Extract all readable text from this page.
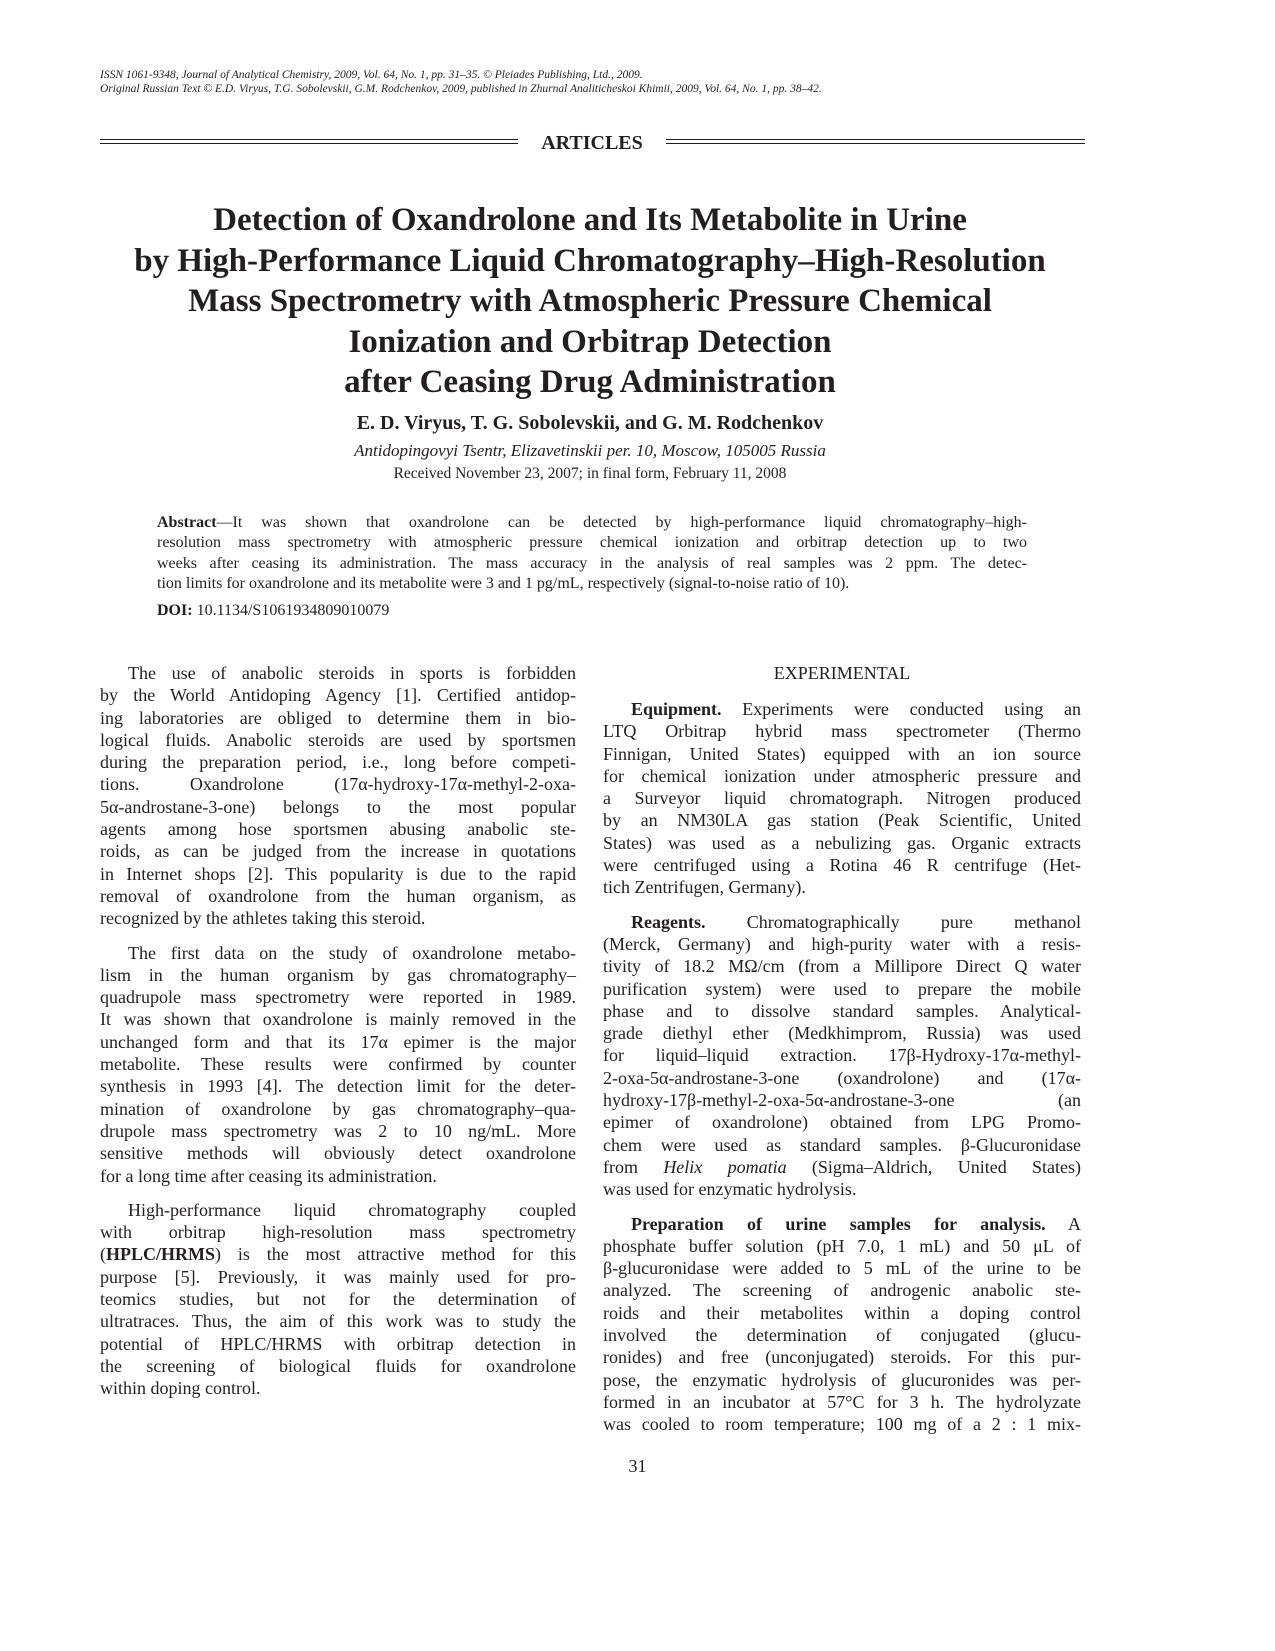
ISSN 1061-9348, Journal of Analytical Chemistry, 2009, Vol. 64, No. 1, pp. 31–35. © Pleiades Publishing, Ltd., 2009.
Original Russian Text © E.D. Viryus, T.G. Sobolevskii, G.M. Rodchenkov, 2009, published in Zhurnal Analiticheskoi Khimii, 2009, Vol. 64, No. 1, pp. 38–42.
ARTICLES
Detection of Oxandrolone and Its Metabolite in Urine
by High-Performance Liquid Chromatography–High-Resolution
Mass Spectrometry with Atmospheric Pressure Chemical
Ionization and Orbitrap Detection
after Ceasing Drug Administration
E. D. Viryus, T. G. Sobolevskii, and G. M. Rodchenkov
Antidopingovyi Tsentr, Elizavetinskii per. 10, Moscow, 105005 Russia
Received November 23, 2007; in final form, February 11, 2008
Abstract—It was shown that oxandrolone can be detected by high-performance liquid chromatography–high-
resolution mass spectrometry with atmospheric pressure chemical ionization and orbitrap detection up to two
weeks after ceasing its administration. The mass accuracy in the analysis of real samples was 2 ppm. The detec-
tion limits for oxandrolone and its metabolite were 3 and 1 pg/mL, respectively (signal-to-noise ratio of 10).
DOI: 10.1134/S1061934809010079

The use of anabolic steroids in sports is forbidden
by the World Antidoping Agency [1]. Certified antidop-
ing laboratories are obliged to determine them in bio-
logical fluids. Anabolic steroids are used by sportsmen
during the preparation period, i.e., long before competi-
tions. Oxandrolone (17α-hydroxy-17α-methyl-2-oxa-
5α-androstane-3-one) belongs to the most popular
agents among hose sportsmen abusing anabolic ste-
roids, as can be judged from the increase in quotations
in Internet shops [2]. This popularity is due to the rapid
removal of oxandrolone from the human organism, as
recognized by the athletes taking this steroid.

The first data on the study of oxandrolone metabo-
lism in the human organism by gas chromatography–
quadrupole mass spectrometry were reported in 1989.
It was shown that oxandrolone is mainly removed in the
unchanged form and that its 17α epimer is the major
metabolite. These results were confirmed by counter
synthesis in 1993 [4]. The detection limit for the deter-
mination of oxandrolone by gas chromatography–qua-
drupole mass spectrometry was 2 to 10 ng/mL. More
sensitive methods will obviously detect oxandrolone
for a long time after ceasing its administration.

High-performance liquid chromatography coupled
with orbitrap high-resolution mass spectrometry
(HPLC/HRMS) is the most attractive method for this
purpose [5]. Previously, it was mainly used for pro-
teomics studies, but not for the determination of
ultratraces. Thus, the aim of this work was to study the
potential of HPLC/HRMS with orbitrap detection in
the screening of biological fluids for oxandrolone
within doping control.

EXPERIMENTAL

Equipment. Experiments were conducted using an
LTQ Orbitrap hybrid mass spectrometer (Thermo
Finnigan, United States) equipped with an ion source
for chemical ionization under atmospheric pressure and
a Surveyor liquid chromatograph. Nitrogen produced
by an NM30LA gas station (Peak Scientific, United
States) was used as a nebulizing gas. Organic extracts
were centrifuged using a Rotina 46 R centrifuge (Het-
tich Zentrifugen, Germany).

Reagents. Chromatographically pure methanol
(Merck, Germany) and high-purity water with a resis-
tivity of 18.2 MΩ/cm (from a Millipore Direct Q water
purification system) were used to prepare the mobile
phase and to dissolve standard samples. Analytical-
grade diethyl ether (Medkhimprom, Russia) was used
for liquid–liquid extraction. 17β-Hydroxy-17α-methyl-
2-oxa-5α-androstane-3-one (oxandrolone) and (17α-
hydroxy-17β-methyl-2-oxa-5α-androstane-3-one (an
epimer of oxandrolone) obtained from LPG Promo-
chem were used as standard samples. β-Glucuronidase
from Helix pomatia (Sigma–Aldrich, United States)
was used for enzymatic hydrolysis.

Preparation of urine samples for analysis. A
phosphate buffer solution (pH 7.0, 1 mL) and 50 μL of
β-glucuronidase were added to 5 mL of the urine to be
analyzed. The screening of androgenic anabolic ste-
roids and their metabolites within a doping control
involved the determination of conjugated (glucu-
ronides) and free (unconjugated) steroids. For this pur-
pose, the enzymatic hydrolysis of glucuronides was per-
formed in an incubator at 57°C for 3 h. The hydrolyzate
was cooled to room temperature; 100 mg of a 2 : 1 mix-

31
